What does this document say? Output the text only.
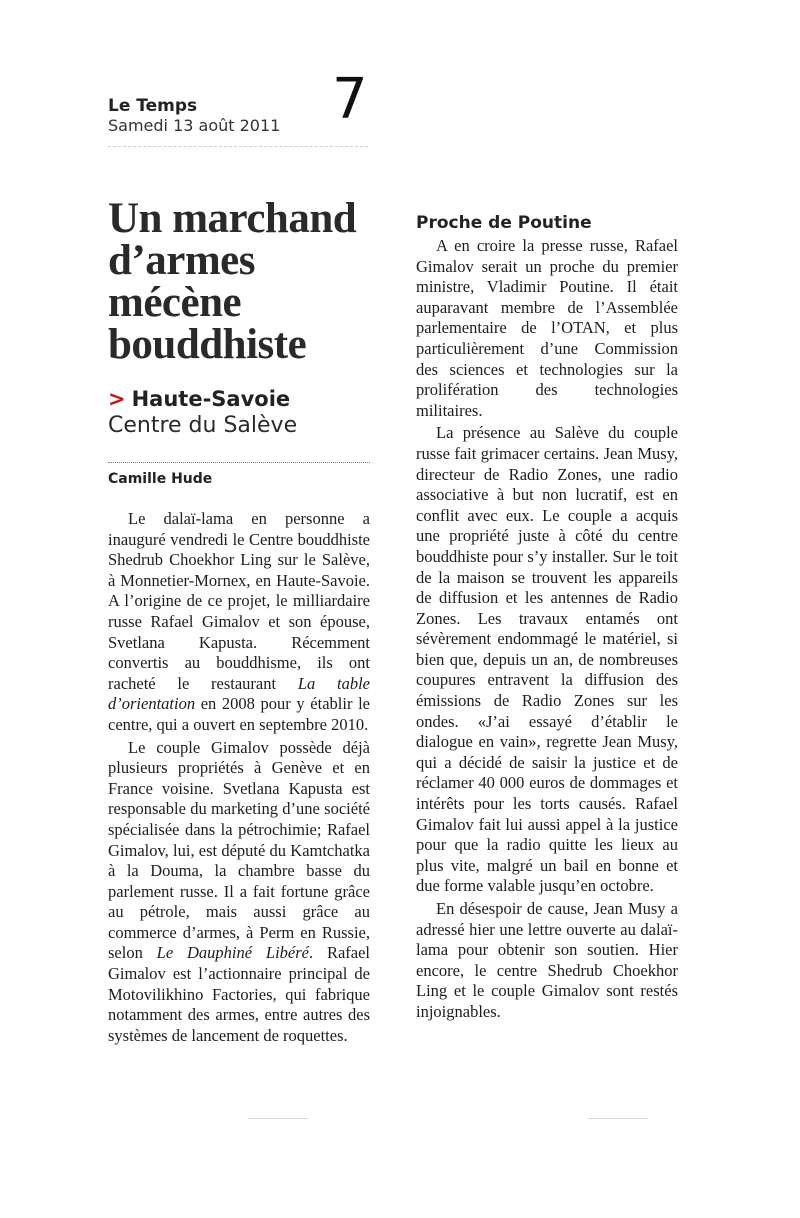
Le Temps
Samedi 13 août 2011 7
Un marchand d’armes mécène bouddhiste
> Haute-Savoie
Centre du Salève
Camille Hude

Le dalaï-lama en personne a inauguré vendredi le Centre bouddhiste Shedrub Choekhor Ling sur le Salève, à Monnetier-Mornex, en Haute-Savoie. A l’origine de ce projet, le milliardaire russe Rafael Gimalov et son épouse, Svetlana Kapusta. Récemment convertis au bouddhisme, ils ont racheté le restaurant La table d’orientation en 2008 pour y établir le centre, qui a ouvert en septembre 2010.

Le couple Gimalov possède déjà plusieurs propriétés à Genève et en France voisine. Svetlana Kapusta est responsable du marketing d’une société spécialisée dans la pétrochimie; Rafael Gimalov, lui, est député du Kamtchatka à la Douma, la chambre basse du parlement russe. Il a fait fortune grâce au pétrole, mais aussi grâce au commerce d’armes, à Perm en Russie, selon Le Dauphiné Libéré. Rafael Gimalov est l’actionnaire principal de Motovilikhino Factories, qui fabrique notamment des armes, entre autres des systèmes de lancement de roquettes.

Proche de Poutine

A en croire la presse russe, Rafael Gimalov serait un proche du premier ministre, Vladimir Poutine. Il était auparavant membre de l’Assemblée parlementaire de l’OTAN, et plus particulièrement d’une Commission des sciences et technologies sur la prolifération des technologies militaires.

La présence au Salève du couple russe fait grimacer certains. Jean Musy, directeur de Radio Zones, une radio associative à but non lucratif, est en conflit avec eux. Le couple a acquis une propriété juste à côté du centre bouddhiste pour s’y installer. Sur le toit de la maison se trouvent les appareils de diffusion et les antennes de Radio Zones. Les travaux entamés ont sévèrement endommagé le matériel, si bien que, depuis un an, de nombreuses coupures entravent la diffusion des émissions de Radio Zones sur les ondes. «J’ai essayé d’établir le dialogue en vain», regrette Jean Musy, qui a décidé de saisir la justice et de réclamer 40 000 euros de dommages et intérêts pour les torts causés. Rafael Gimalov fait lui aussi appel à la justice pour que la radio quitte les lieux au plus vite, malgré un bail en bonne et due forme valable jusqu’en octobre.

En désespoir de cause, Jean Musy a adressé hier une lettre ouverte au dalaï-lama pour obtenir son soutien. Hier encore, le centre Shedrub Choekhor Ling et le couple Gimalov sont restés injoignables.
